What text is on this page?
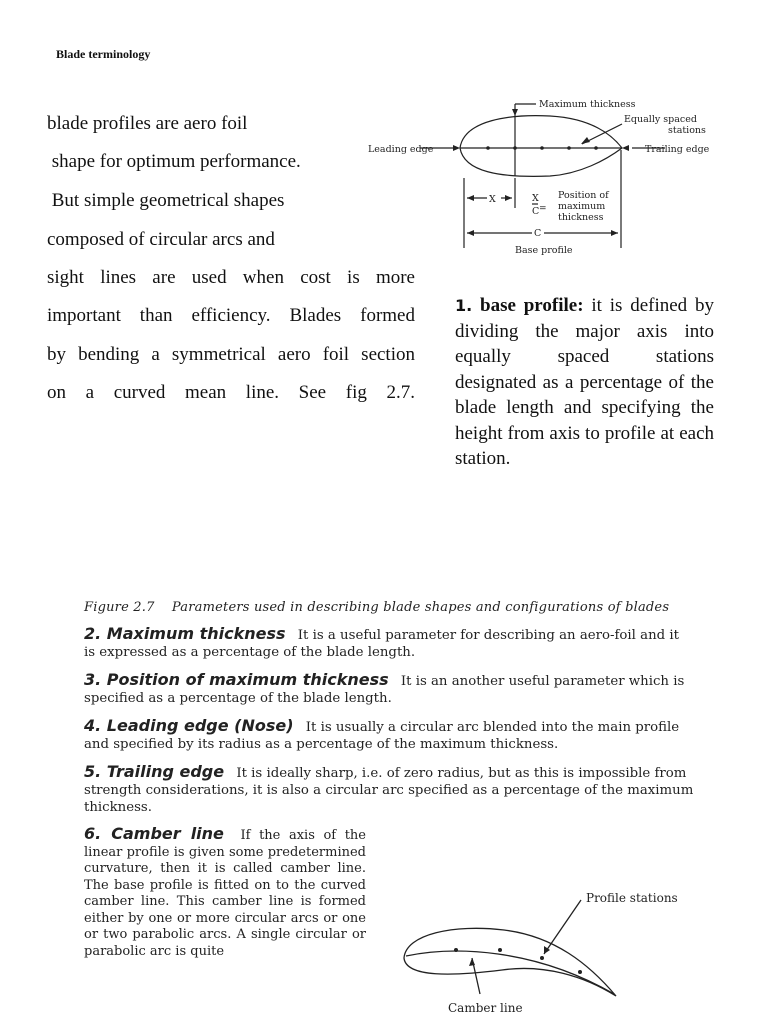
Blade terminology
blade profiles are aero foil
shape for optimum performance.
But simple geometrical shapes
composed of circular arcs and
sight lines are used when cost is more
important than efficiency. Blades formed
by bending a symmetrical aero foil section
on a curved mean line. See fig 2.7.
Maximum thickness
Equally spaced
stations
Leading edge	Trailing edge
X	X
C =
Position of
maximum
thickness
C
Base profile
1. base profile: it is defined by dividing the major axis into equally spaced stations designated as a percentage of the blade length and specifying the height from axis to profile at each station.
Figure 2.7    Parameters used in describing blade shapes and configurations of blades
2. Maximum thickness It is a useful parameter for describing an aero-foil and it is expressed as a percentage of the blade length.
3. Position of maximum thickness It is an another useful parameter which is specified as a percentage of the blade length.
4. Leading edge (Nose) It is usually a circular arc blended into the main profile and specified by its radius as a percentage of the maximum thickness.
5. Trailing edge It is ideally sharp, i.e. of zero radius, but as this is impossible from strength considerations, it is also a circular arc specified as a percentage of the maximum thickness.
6. Camber line If the axis of the linear profile is given some predetermined curvature, then it is called camber line. The base profile is fitted on to the curved camber line. This camber line is formed either by one or more circular arcs or one or two parabolic arcs. A single circular or parabolic arc is quite
Profile stations
Camber line
